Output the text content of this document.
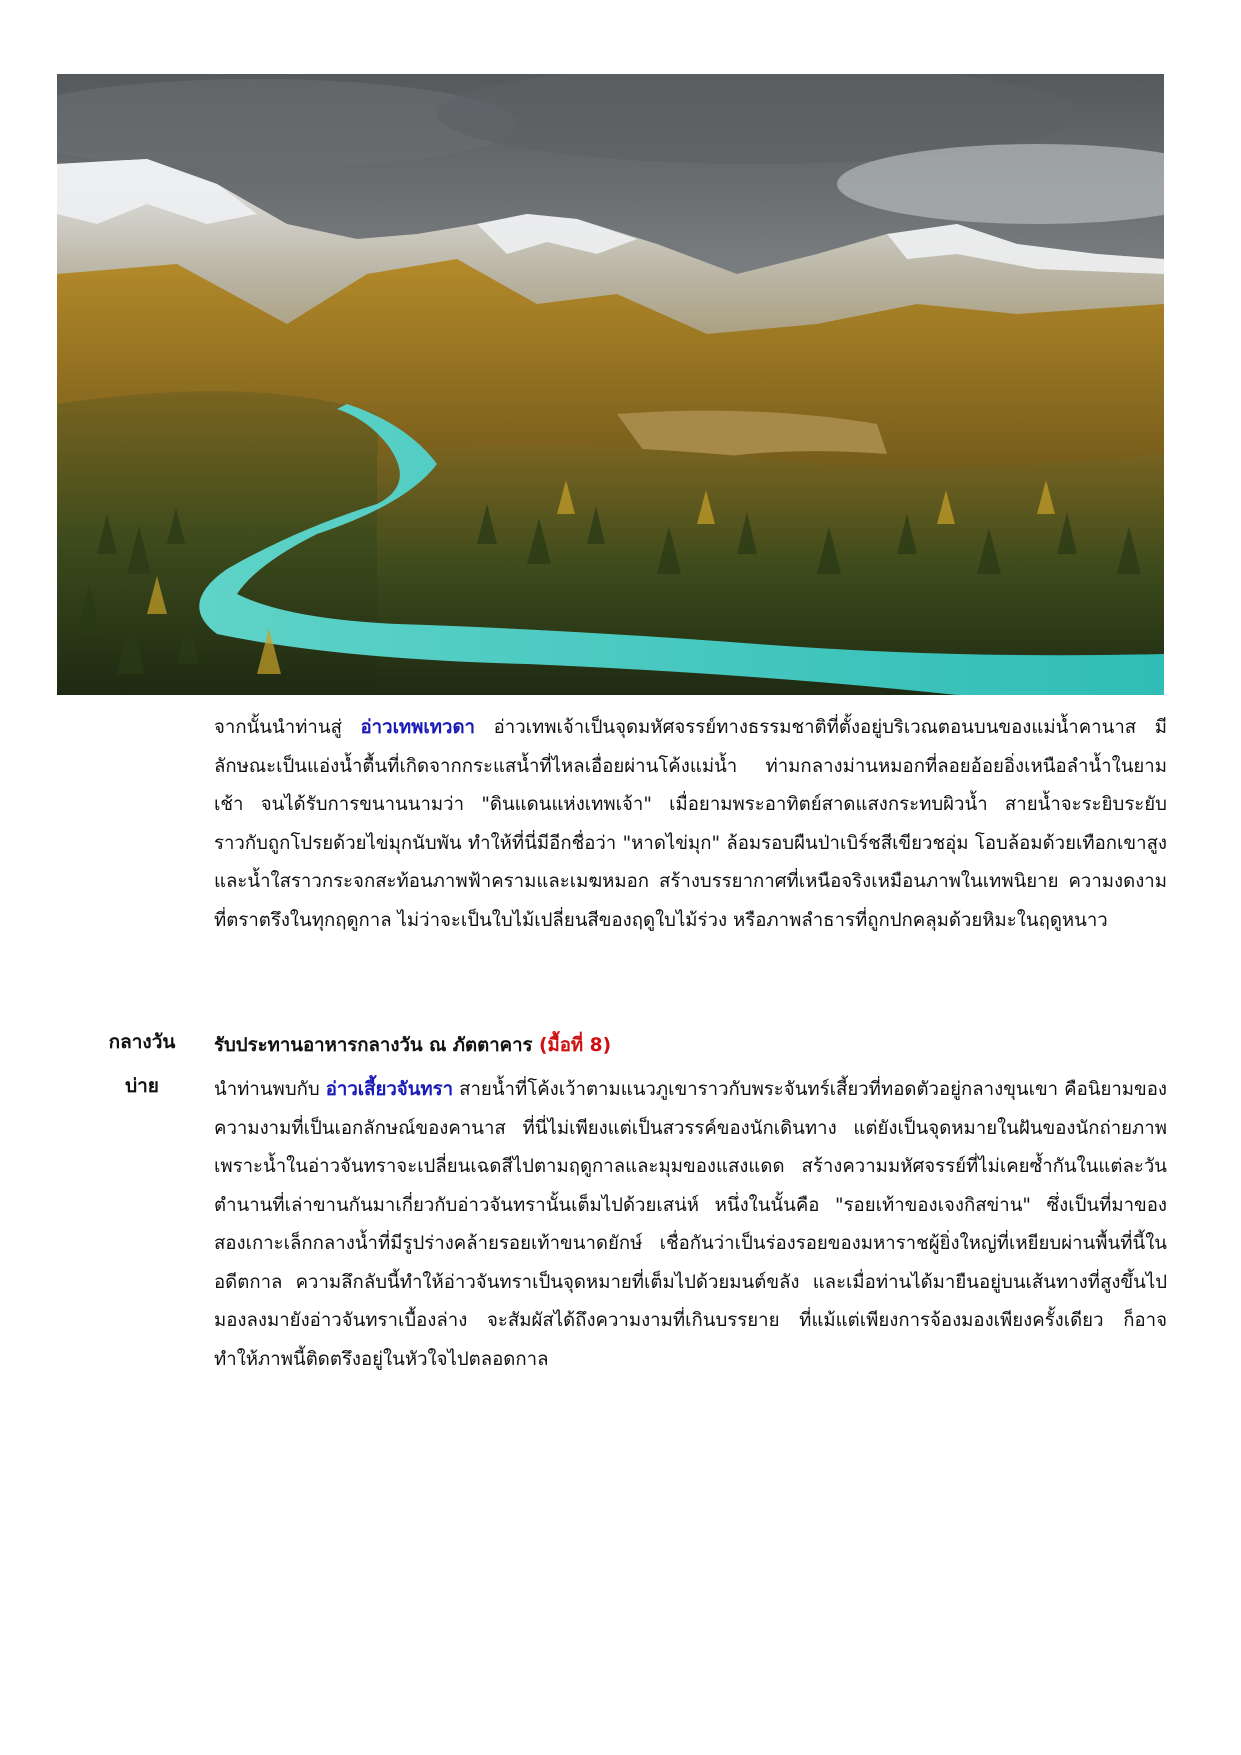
จากนั้นนำท่านสู่ อ่าวเทพเทวดา อ่าวเทพเจ้าเป็นจุดมหัศจรรย์ทางธรรมชาติที่ตั้งอยู่บริเวณตอนบนของแม่น้ำคานาส มีลักษณะเป็นแอ่งน้ำตื้นที่เกิดจากกระแสน้ำที่ไหลเอื่อยผ่านโค้งแม่น้ำ ท่ามกลางม่านหมอกที่ลอยอ้อยอิ่งเหนือลำน้ำในยามเช้า จนได้รับการขนานนามว่า "ดินแดนแห่งเทพเจ้า" เมื่อยามพระอาทิตย์สาดแสงกระทบผิวน้ำ สายน้ำจะระยิบระยับราวกับถูกโปรยด้วยไข่มุกนับพัน ทำให้ที่นี่มีอีกชื่อว่า "หาดไข่มุก" ล้อมรอบผืนป่าเบิร์ชสีเขียวชอุ่ม โอบล้อมด้วยเทือกเขาสูง และน้ำใสราวกระจกสะท้อนภาพฟ้าครามและเมฆหมอก สร้างบรรยากาศที่เหนือจริงเหมือนภาพในเทพนิยาย ความงดงามที่ตราตรึงในทุกฤดูกาล ไม่ว่าจะเป็นใบไม้เปลี่ยนสีของฤดูใบไม้ร่วง หรือภาพลำธารที่ถูกปกคลุมด้วยหิมะในฤดูหนาว

กลางวัน	รับประทานอาหารกลางวัน ณ ภัตตาคาร (มื้อที่ 8)

บ่าย	นำท่านพบกับ อ่าวเสี้ยวจันทรา สายน้ำที่โค้งเว้าตามแนวภูเขาราวกับพระจันทร์เสี้ยวที่ทอดตัวอยู่กลางขุนเขา คือนิยามของความงามที่เป็นเอกลักษณ์ของคานาส ที่นี่ไม่เพียงแต่เป็นสวรรค์ของนักเดินทาง แต่ยังเป็นจุดหมายในฝันของนักถ่ายภาพ เพราะน้ำในอ่าวจันทราจะเปลี่ยนเฉดสีไปตามฤดูกาลและมุมของแสงแดด สร้างความมหัศจรรย์ที่ไม่เคยซ้ำกันในแต่ละวัน ตำนานที่เล่าขานกันมาเกี่ยวกับอ่าวจันทรานั้นเต็มไปด้วยเสน่ห์ หนึ่งในนั้นคือ "รอยเท้าของเจงกิสข่าน" ซึ่งเป็นที่มาของสองเกาะเล็กกลางน้ำที่มีรูปร่างคล้ายรอยเท้าขนาดยักษ์ เชื่อกันว่าเป็นร่องรอยของมหาราชผู้ยิ่งใหญ่ที่เหยียบผ่านพื้นที่นี้ในอดีตกาล ความลึกลับนี้ทำให้อ่าวจันทราเป็นจุดหมายที่เต็มไปด้วยมนต์ขลัง และเมื่อท่านได้มายืนอยู่บนเส้นทางที่สูงขึ้นไปมองลงมายังอ่าวจันทราเบื้องล่าง จะสัมผัสได้ถึงความงามที่เกินบรรยาย ที่แม้แต่เพียงการจ้องมองเพียงครั้งเดียว ก็อาจทำให้ภาพนี้ติดตรึงอยู่ในหัวใจไปตลอดกาล
